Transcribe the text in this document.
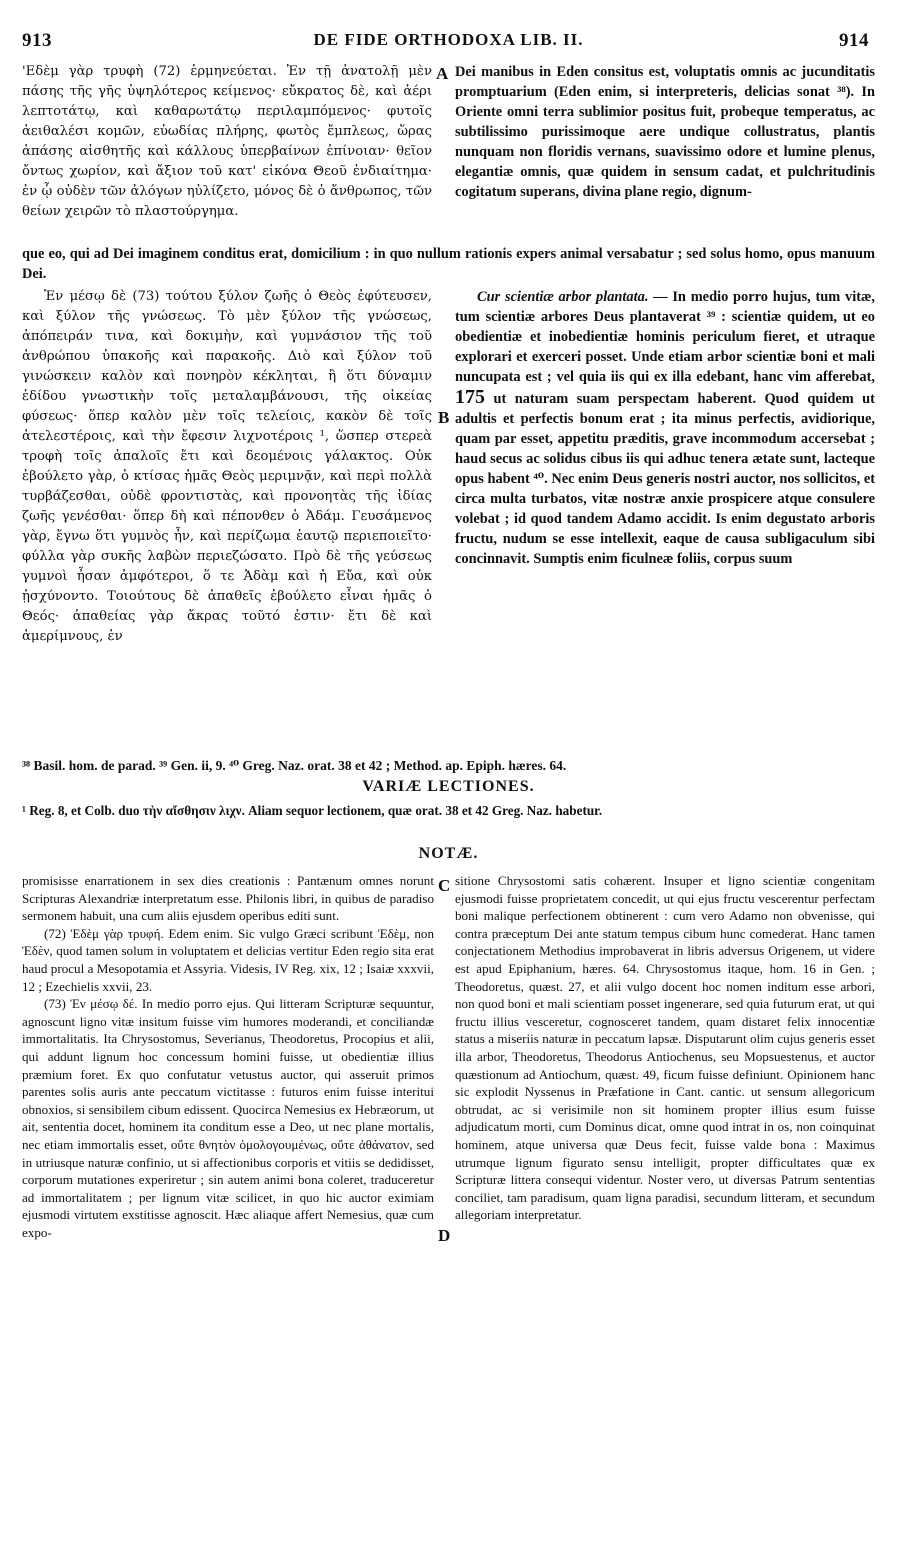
913	DE FIDE ORTHODOXA LIB. II.	914

'Εδὲμ γὰρ τρυφὴ (72) ἑρμηνεύεται. Ἐν τῇ ἀνατολῇ μὲν πάσης τῆς γῆς ὑψηλότερος κείμενος· εὔκρατος δὲ, καὶ ἀέρι λεπτοτάτῳ, καὶ καθαρωτάτῳ περιλαμπόμενος· φυτοῖς ἀειθαλέσι κομῶν, εὐωδίας πλήρης, φωτὸς ἔμπλεως, ὥρας ἁπάσης αἰσθητῆς καὶ κάλλους ὑπερβαίνων ἐπίνοιαν· θεῖον ὄντως χωρίον, καὶ ἄξιον τοῦ κατ' εἰκόνα Θεοῦ ἐνδιαίτημα· ἐν ᾧ οὐδὲν τῶν ἀλόγων ηὐλίζετο, μόνος δὲ ὁ ἄνθρωπος, τῶν θείων χειρῶν τὸ πλαστούργημα.

A Dei manibus in Eden consitus est, voluptatis omnis ac jucunditatis promptuarium (Eden enim, si interpreteris, delicias sonat ³⁸). In Oriente omni terra sublimior positus fuit, probeque temperatus, ac subtilissimo purissimoque aere undique collustratus, plantis nunquam non floridis vernans, suavissimo odore et lumine plenus, elegantiæ omnis, quæ quidem in sensum cadat, et pulchritudinis cogitatum superans, divina plane regio, dignum-

que eo, qui ad Dei imaginem conditus erat, domicilium : in quo nullum rationis expers animal versabatur ; sed solus homo, opus manuum Dei.

Ἐν μέσῳ δὲ (73) τούτου ξύλον ζωῆς ὁ Θεὸς ἐφύτευσεν, καὶ ξύλον τῆς γνώσεως. Τὸ μὲν ξύλον τῆς γνώσεως, ἀπόπειράν τινα, καὶ δοκιμὴν, καὶ γυμνάσιον τῆς τοῦ ἀνθρώπου ὑπακοῆς καὶ παρακοῆς. Διὸ καὶ ξύλον τοῦ γινώσκειν καλὸν καὶ πονηρὸν κέκληται, ἢ ὅτι δύναμιν ἐδίδου γνωστικὴν τοῖς μεταλαμβάνουσι, τῆς οἰκείας φύσεως· ὅπερ καλὸν μὲν τοῖς τελείοις, κακὸν δὲ τοῖς ἀτελεστέροις, καὶ τὴν ἔφεσιν λιχνοτέροις ¹, ὥσπερ στερεὰ τροφὴ τοῖς ἁπαλοῖς ἔτι καὶ δεομένοις γάλακτος. Οὐκ ἐβούλετο γὰρ, ὁ κτίσας ἡμᾶς Θεὸς μεριμνᾷν, καὶ περὶ πολλὰ τυρβάζεσθαι, οὐδὲ φροντιστὰς, καὶ προνοητὰς τῆς ἰδίας ζωῆς γενέσθαι· ὅπερ δὴ καὶ πέπονθεν ὁ Ἀδάμ. Γευσάμενος γὰρ, ἔγνω ὅτι γυμνὸς ἦν, καὶ περίζωμα ἑαυτῷ περιεποιεῖτο· φύλλα γὰρ συκῆς λαβὼν περιεζώσατο. Πρὸ δὲ τῆς γεύσεως γυμνοὶ ἦσαν ἀμφότεροι, ὅ τε Ἀδὰμ καὶ ἡ Εὔα, καὶ οὐκ ᾐσχύνοντο. Τοιούτους δὲ ἀπαθεῖς ἐβούλετο εἶναι ἡμᾶς ὁ Θεός· ἀπαθείας γὰρ ἄκρας τοῦτό ἐστιν· ἔτι δὲ καὶ ἀμερίμνους, ἐν

B

Cur scientiæ arbor plantata. — In medio porro hujus, tum vitæ, tum scientiæ arbores Deus plantaverat ³⁹ : scientiæ quidem, ut eo obedientiæ et inobedientiæ hominis periculum fieret, et utraque explorari et exerceri posset. Unde etiam arbor scientiæ boni et mali nuncupata est ; vel quia iis qui ex illa edebant, hanc vim afferebat, 175 ut naturam suam perspectam haberent. Quod quidem ut adultis et perfectis bonum erat ; ita minus perfectis, avidiorique, quam par esset, appetitu præditis, grave incommodum accersebat ; haud secus ac solidus cibus iis qui adhuc tenera ætate sunt, lacteque opus habent ⁴⁰. Nec enim Deus generis nostri auctor, nos sollicitos, et circa multa turbatos, vitæ nostræ anxie prospicere atque consulere volebat ; id quod tandem Adamo accidit. Is enim degustato arboris fructu, nudum se esse intellexit, eaque de causa subligaculum sibi concinnavit. Sumptis enim ficulneæ foliis, corpus suum

³⁸ Basil. hom. de parad. ³⁹ Gen. ii, 9. ⁴⁰ Greg. Naz. orat. 38 et 42 ; Method. ap. Epiph. hæres. 64.
VARIÆ LECTIONES.
¹ Reg. 8, et Colb. duo τὴν αἴσθησιν λιχν. Aliam sequor lectionem, quæ orat. 38 et 42 Greg. Naz. habetur.
NOTÆ.

promisisse enarrationem in sex dies creationis : Pantænum omnes norunt Scripturas Alexandriæ interpretatum esse. Philonis libri, in quibus de paradiso sermonem habuit, una cum aliis ejusdem operibus editi sunt.

(72) Ἐδὲμ γὰρ τρυφή. Edem enim. Sic vulgo Græci scribunt Ἐδὲμ, non Ἐδὲν, quod tamen solum in voluptatem et delicias vertitur Eden regio sita erat haud procul a Mesopotamia et Assyria. Videsis, IV Reg. xix, 12 ; Isaiæ xxxvii, 12 ; Ezechielis xxvii, 23.

(73) Ἐν μέσῳ δέ. In medio porro ejus. Qui litteram Scripturæ sequuntur, agnoscunt ligno vitæ insitum fuisse vim humores moderandi, et conciliandæ immortalitatis. Ita Chrysostomus, Severianus, Theodoretus, Procopius et alii, qui addunt lignum hoc concessum homini fuisse, ut obedientiæ illius præmium foret. Ex quo confutatur vetustus auctor, qui asseruit primos parentes solis auris ante peccatum victitasse : futuros enim fuisse interitui obnoxios, si sensibilem cibum edissent. Quocirca Nemesius ex Hebræorum, ut ait, sententia docet, hominem ita conditum esse a Deo, ut nec plane mortalis, nec etiam immortalis esset, οὔτε θνητὸν ὁμολογουμένως, οὔτε ἀθάνατον, sed in utriusque naturæ confinio, ut si affectionibus corporis et vitiis se dedidisset, corporum mutationes experiretur ; sin autem animi bona coleret, traduceretur ad immortalitatem ; per lignum vitæ scilicet, in quo hic auctor eximiam ejusmodi virtutem exstitisse agnoscit. Hæc aliaque affert Nemesius, quæ cum expo-

C
D

sitione Chrysostomi satis cohærent. Insuper et ligno scientiæ congenitam ejusmodi fuisse proprietatem concedit, ut qui ejus fructu vescerentur perfectam boni malique perfectionem obtinerent : cum vero Adamo non obvenisse, qui contra præceptum Dei ante statum tempus cibum hunc comederat. Hanc tamen conjectationem Methodius improbaverat in libris adversus Origenem, ut videre est apud Epiphanium, hæres. 64. Chrysostomus itaque, hom. 16 in Gen. ; Theodoretus, quæst. 27, et alii vulgo docent hoc nomen inditum esse arbori, non quod boni et mali scientiam posset ingenerare, sed quia futurum erat, ut qui fructu illius vesceretur, cognosceret tandem, quam distaret felix innocentiæ status a miseriis naturæ in peccatum lapsæ. Disputarunt olim cujus generis esset illa arbor, Theodoretus, Theodorus Antiochenus, seu Mopsuestenus, et auctor quæstionum ad Antiochum, quæst. 49, ficum fuisse definiunt. Opinionem hanc sic explodit Nyssenus in Præfatione in Cant. cantic. ut sensum allegoricum obtrudat, ac si verisimile non sit hominem propter illius esum fuisse adjudicatum morti, cum Dominus dicat, omne quod intrat in os, non coinquinat hominem, atque universa quæ Deus fecit, fuisse valde bona : Maximus utrumque lignum figurato sensu intelligit, propter difficultates quæ ex Scripturæ littera consequi videntur. Noster vero, ut diversas Patrum sententias conciliet, tam paradisum, quam ligna paradisi, secundum litteram, et secundum allegoriam interpretatur.
